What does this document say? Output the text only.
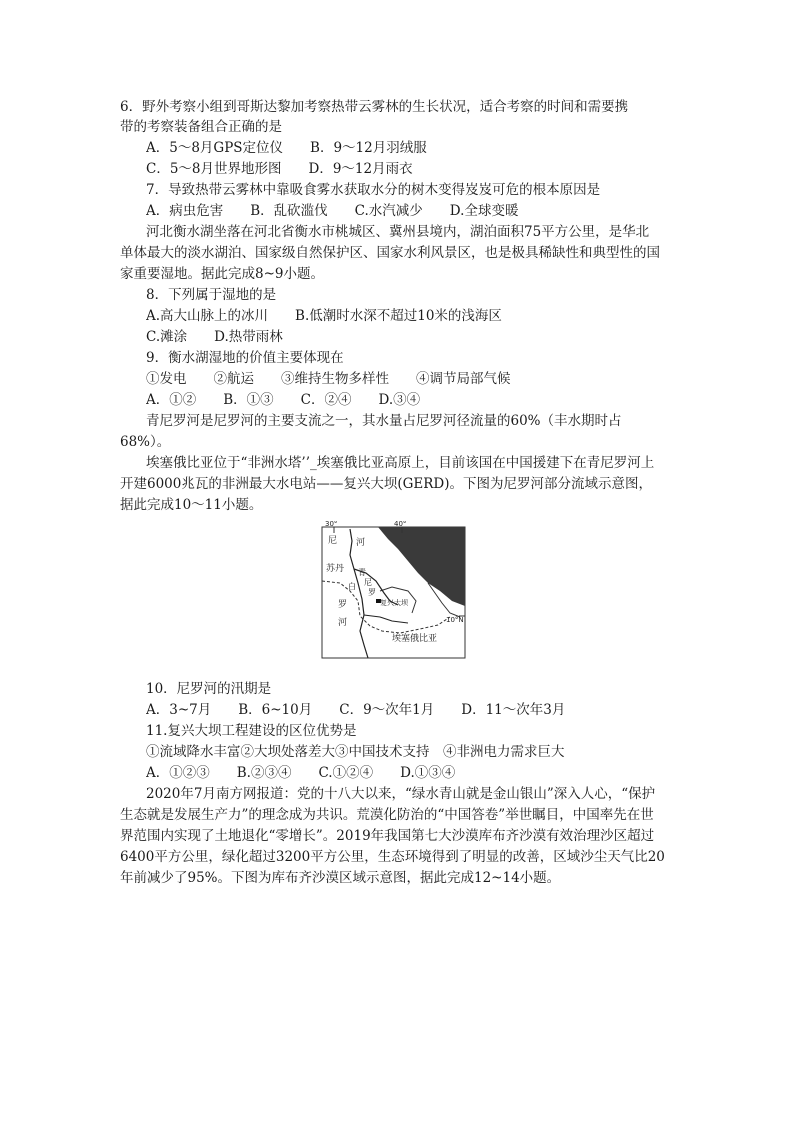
6．野外考察小组到哥斯达黎加考察热带云雾林的生长状况，适合考察的时间和需要携
带的考察装备组合正确的是
A．5～8月GPS定位仪　　B．9～12月羽绒服
C．5～8月世界地形图　　D．9～12月雨衣
7．导致热带云雾林中靠吸食雾水获取水分的树木变得岌岌可危的根本原因是
A．病虫危害　　B．乱砍滥伐　　C.水汽减少　　D.全球变暖
河北衡水湖坐落在河北省衡水市桃城区、冀州县境内，湖泊面积75平方公里，是华北
单体最大的淡水湖泊、国家级自然保护区、国家水利风景区，也是极具稀缺性和典型性的国
家重要湿地。据此完成8~9小题。
8．下列属于湿地的是
A.高大山脉上的冰川　　B.低潮时水深不超过10米的浅海区
C.滩涂　　D.热带雨林
9．衡水湖湿地的价值主要体现在
①发电　　②航运　　③维持生物多样性　　④调节局部气候
A．①②　　B．①③　　C．②④　　D.③④
青尼罗河是尼罗河的主要支流之一，其水量占尼罗河径流量的60%（丰水期时占
68%）。
埃塞俄比亚位于“非洲水塔’’_埃塞俄比亚高原上，目前该国在中国援建下在青尼罗河上
开建6000兆瓦的非洲最大水电站——复兴大坝(GERD)。下图为尼罗河部分流域示意图，
据此完成10～11小题。
30°	40°
10°N
尼 河
苏丹 青
尼
罗
白
罗
河
复兴大坝
埃塞俄比亚
10．尼罗河的汛期是
A．3~7月　　B．6~10月　　C．9～次年1月　　D．11～次年3月
11.复兴大坝工程建设的区位优势是
①流域降水丰富②大坝处落差大③中国技术支持　④非洲电力需求巨大
A．①②③　　B.②③④　　C.①②④　　D.①③④
2020年7月南方网报道：党的十八大以来，“绿水青山就是金山银山”深入人心，“保护
生态就是发展生产力”的理念成为共识。荒漠化防治的“中国答卷”举世瞩目，中国率先在世
界范围内实现了土地退化“零增长”。2019年我国第七大沙漠库布齐沙漠有效治理沙区超过
6400平方公里，绿化超过3200平方公里，生态环境得到了明显的改善，区域沙尘天气比20
年前减少了95%。下图为库布齐沙漠区域示意图，据此完成12~14小题。
